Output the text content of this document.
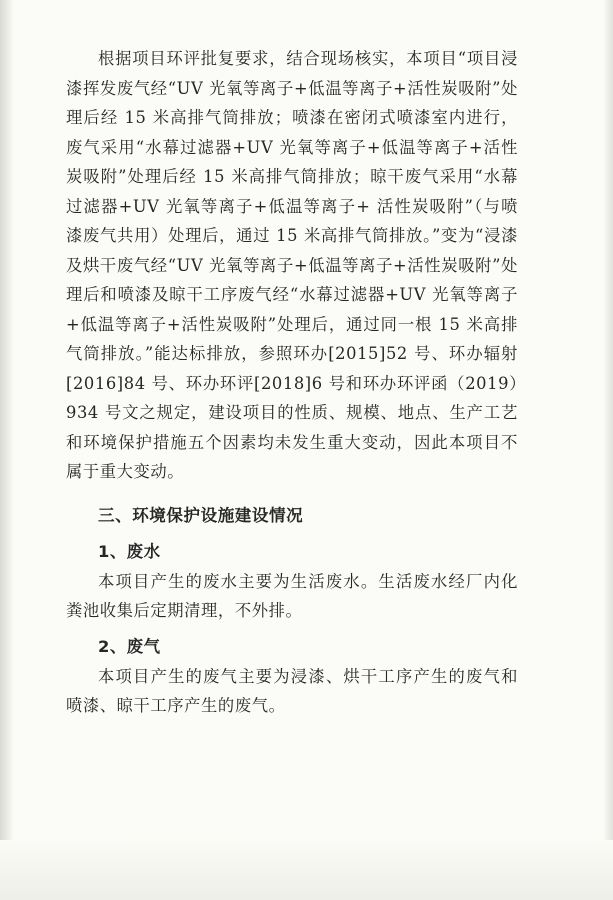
根据项目环评批复要求，结合现场核实，本项目“项目浸漆挥发废气经“UV 光氧等离子+低温等离子+活性炭吸附”处理后经 15 米高排气筒排放；喷漆在密闭式喷漆室内进行，废气采用“水幕过滤器+UV 光氧等离子+低温等离子+活性炭吸附”处理后经 15 米高排气筒排放；晾干废气采用“水幕过滤器+UV 光氧等离子+低温等离子+ 活性炭吸附”（与喷漆废气共用）处理后，通过 15 米高排气筒排放。”变为“浸漆及烘干废气经“UV 光氧等离子+低温等离子+活性炭吸附”处理后和喷漆及晾干工序废气经“水幕过滤器+UV 光氧等离子+低温等离子+活性炭吸附”处理后，通过同一根 15 米高排气筒排放。”能达标排放，参照环办[2015]52 号、环办辐射[2016]84 号、环办环评[2018]6 号和环办环评函（2019）934 号文之规定，建设项目的性质、规模、地点、生产工艺和环境保护措施五个因素均未发生重大变动，因此本项目不属于重大变动。

三、环境保护设施建设情况

1、废水

本项目产生的废水主要为生活废水。生活废水经厂内化粪池收集后定期清理，不外排。

2、废气

本项目产生的废气主要为浸漆、烘干工序产生的废气和喷漆、晾干工序产生的废气。
